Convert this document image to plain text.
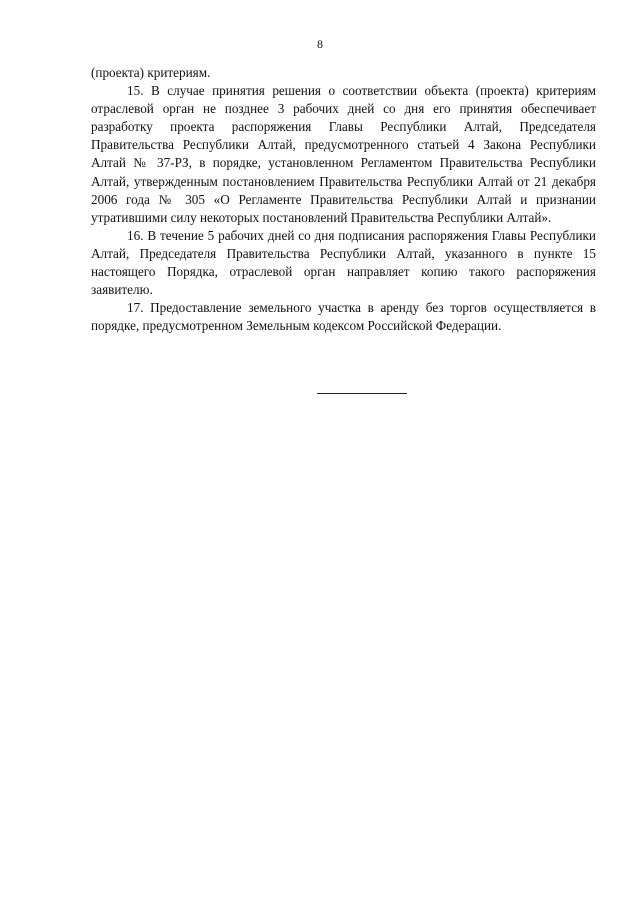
8

(проекта) критериям.

15. В случае принятия решения о соответствии объекта (проекта) критериям отраслевой орган не позднее 3 рабочих дней со дня его принятия обеспечивает разработку проекта распоряжения Главы Республики Алтай, Председателя Правительства Республики Алтай, предусмотренного статьей 4 Закона Республики Алтай № 37-РЗ, в порядке, установленном Регламентом Правительства Республики Алтай, утвержденным постановлением Правительства Республики Алтай от 21 декабря 2006 года № 305 «О Регламенте Правительства Республики Алтай и признании утратившими силу некоторых постановлений Правительства Республики Алтай».

16. В течение 5 рабочих дней со дня подписания распоряжения Главы Республики Алтай, Председателя Правительства Республики Алтай, указанного в пункте 15 настоящего Порядка, отраслевой орган направляет копию такого распоряжения заявителю.

17. Предоставление земельного участка в аренду без торгов осуществляется в порядке, предусмотренном Земельным кодексом Российской Федерации.
